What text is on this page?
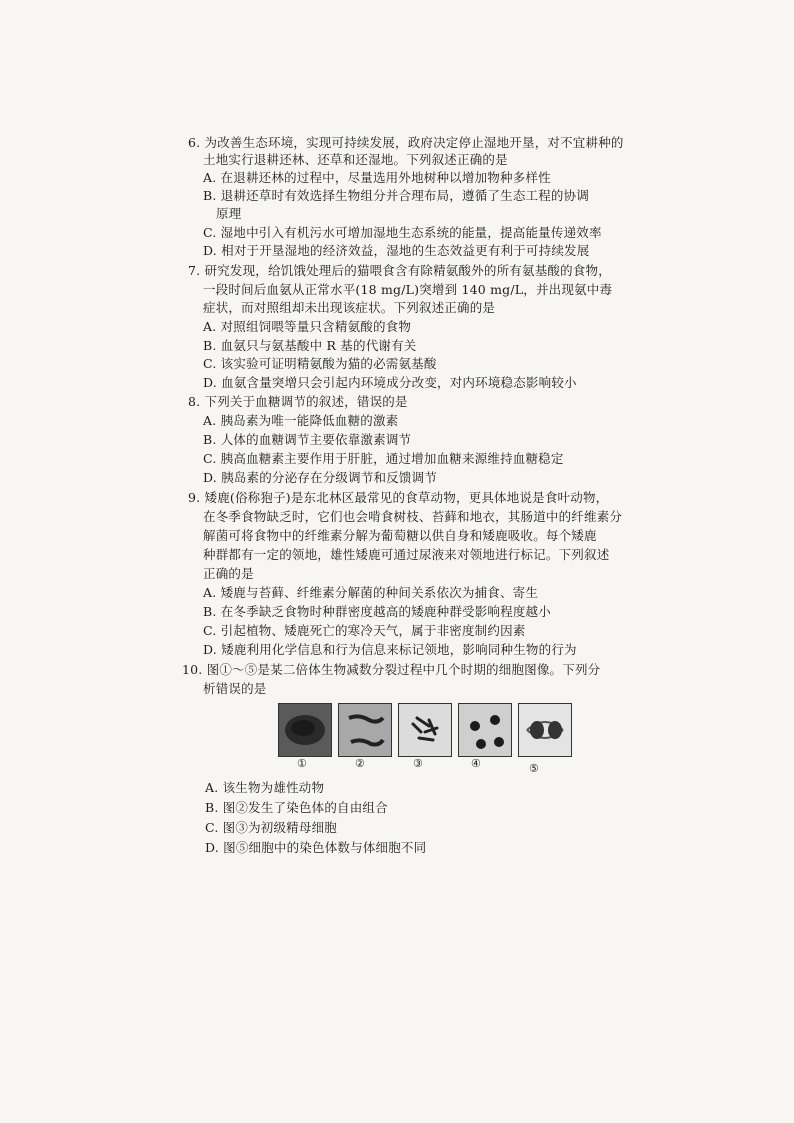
6. 为改善生态环境，实现可持续发展，政府决定停止湿地开垦，对不宜耕种的
土地实行退耕还林、还草和还湿地。下列叙述正确的是
A. 在退耕还林的过程中，尽量选用外地树种以增加物种多样性
B. 退耕还草时有效选择生物组分并合理布局，遵循了生态工程的协调
原理
C. 湿地中引入有机污水可增加湿地生态系统的能量，提高能量传递效率
D. 相对于开垦湿地的经济效益，湿地的生态效益更有利于可持续发展
7. 研究发现，给饥饿处理后的猫喂食含有除精氨酸外的所有氨基酸的食物，
一段时间后血氨从正常水平(18 mg/L)突增到 140 mg/L，并出现氨中毒
症状，而对照组却未出现该症状。下列叙述正确的是
A. 对照组饲喂等量只含精氨酸的食物
B. 血氨只与氨基酸中 R 基的代谢有关
C. 该实验可证明精氨酸为猫的必需氨基酸
D. 血氨含量突增只会引起内环境成分改变，对内环境稳态影响较小
8. 下列关于血糖调节的叙述，错误的是
A. 胰岛素为唯一能降低血糖的激素
B. 人体的血糖调节主要依靠激素调节
C. 胰高血糖素主要作用于肝脏，通过增加血糖来源维持血糖稳定
D. 胰岛素的分泌存在分级调节和反馈调节
9. 矮鹿(俗称狍子)是东北林区最常见的食草动物，更具体地说是食叶动物，
在冬季食物缺乏时，它们也会啃食树枝、苔藓和地衣，其肠道中的纤维素分
解菌可将食物中的纤维素分解为葡萄糖以供自身和矮鹿吸收。每个矮鹿
种群都有一定的领地，雄性矮鹿可通过尿液来对领地进行标记。下列叙述
正确的是
A. 矮鹿与苔藓、纤维素分解菌的种间关系依次为捕食、寄生
B. 在冬季缺乏食物时种群密度越高的矮鹿种群受影响程度越小
C. 引起植物、矮鹿死亡的寒冷天气，属于非密度制约因素
D. 矮鹿利用化学信息和行为信息来标记领地，影响同种生物的行为
10. 图①～⑤是某二倍体生物减数分裂过程中几个时期的细胞图像。下列分
析错误的是
①	②	③	④	⑤
A. 该生物为雄性动物
B. 图②发生了染色体的自由组合
C. 图③为初级精母细胞
D. 图⑤细胞中的染色体数与体细胞不同
